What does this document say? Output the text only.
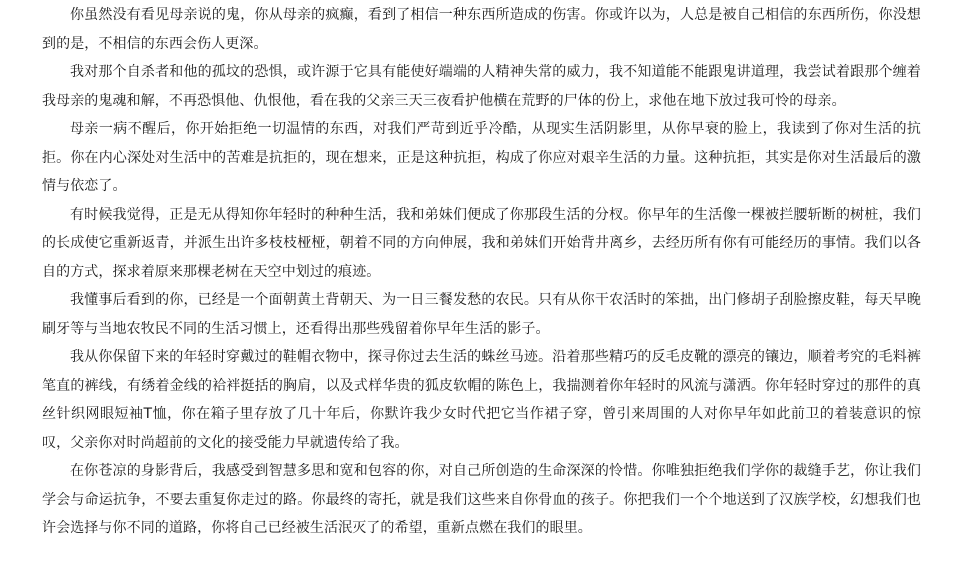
你虽然没有看见母亲说的鬼，你从母亲的疯癫，看到了相信一种东西所造成的伤害。你或许以为，人总是被自己相信的东西所伤，你没想到的是，不相信的东西会伤人更深。

我对那个自杀者和他的孤坟的恐惧，或许源于它具有能使好端端的人精神失常的威力，我不知道能不能跟鬼讲道理，我尝试着跟那个缠着我母亲的鬼魂和解，不再恐惧他、仇恨他，看在我的父亲三天三夜看护他横在荒野的尸体的份上，求他在地下放过我可怜的母亲。

母亲一病不醒后，你开始拒绝一切温情的东西，对我们严苛到近乎冷酷，从现实生活阴影里，从你早衰的脸上，我读到了你对生活的抗拒。你在内心深处对生活中的苦难是抗拒的，现在想来，正是这种抗拒，构成了你应对艰辛生活的力量。这种抗拒，其实是你对生活最后的激情与依恋了。

有时候我觉得，正是无从得知你年轻时的种种生活，我和弟妹们便成了你那段生活的分杈。你早年的生活像一棵被拦腰斩断的树桩，我们的长成使它重新返青，并派生出许多枝枝桠桠，朝着不同的方向伸展，我和弟妹们开始背井离乡，去经历所有你有可能经历的事情。我们以各自的方式，探求着原来那棵老树在天空中划过的痕迹。

我懂事后看到的你，已经是一个面朝黄土背朝天、为一日三餐发愁的农民。只有从你干农活时的笨拙，出门修胡子刮脸擦皮鞋，每天早晚刷牙等与当地农牧民不同的生活习惯上，还看得出那些残留着你早年生活的影子。

我从你保留下来的年轻时穿戴过的鞋帽衣物中，探寻你过去生活的蛛丝马迹。沿着那些精巧的反毛皮靴的漂亮的镶边，顺着考究的毛料裤笔直的裤线，有绣着金线的袷袢挺括的胸肩，以及式样华贵的狐皮软帽的陈色上，我揣测着你年轻时的风流与潇洒。你年轻时穿过的那件的真丝针织网眼短袖T恤，你在箱子里存放了几十年后，你默许我少女时代把它当作裙子穿，曾引来周围的人对你早年如此前卫的着装意识的惊叹，父亲你对时尚超前的文化的接受能力早就遗传给了我。

在你苍凉的身影背后，我感受到智慧多思和宽和包容的你，对自己所创造的生命深深的怜惜。你唯独拒绝我们学你的裁缝手艺，你让我们学会与命运抗争，不要去重复你走过的路。你最终的寄托，就是我们这些来自你骨血的孩子。你把我们一个个地送到了汉族学校，幻想我们也许会选择与你不同的道路，你将自己已经被生活泯灭了的希望，重新点燃在我们的眼里。
